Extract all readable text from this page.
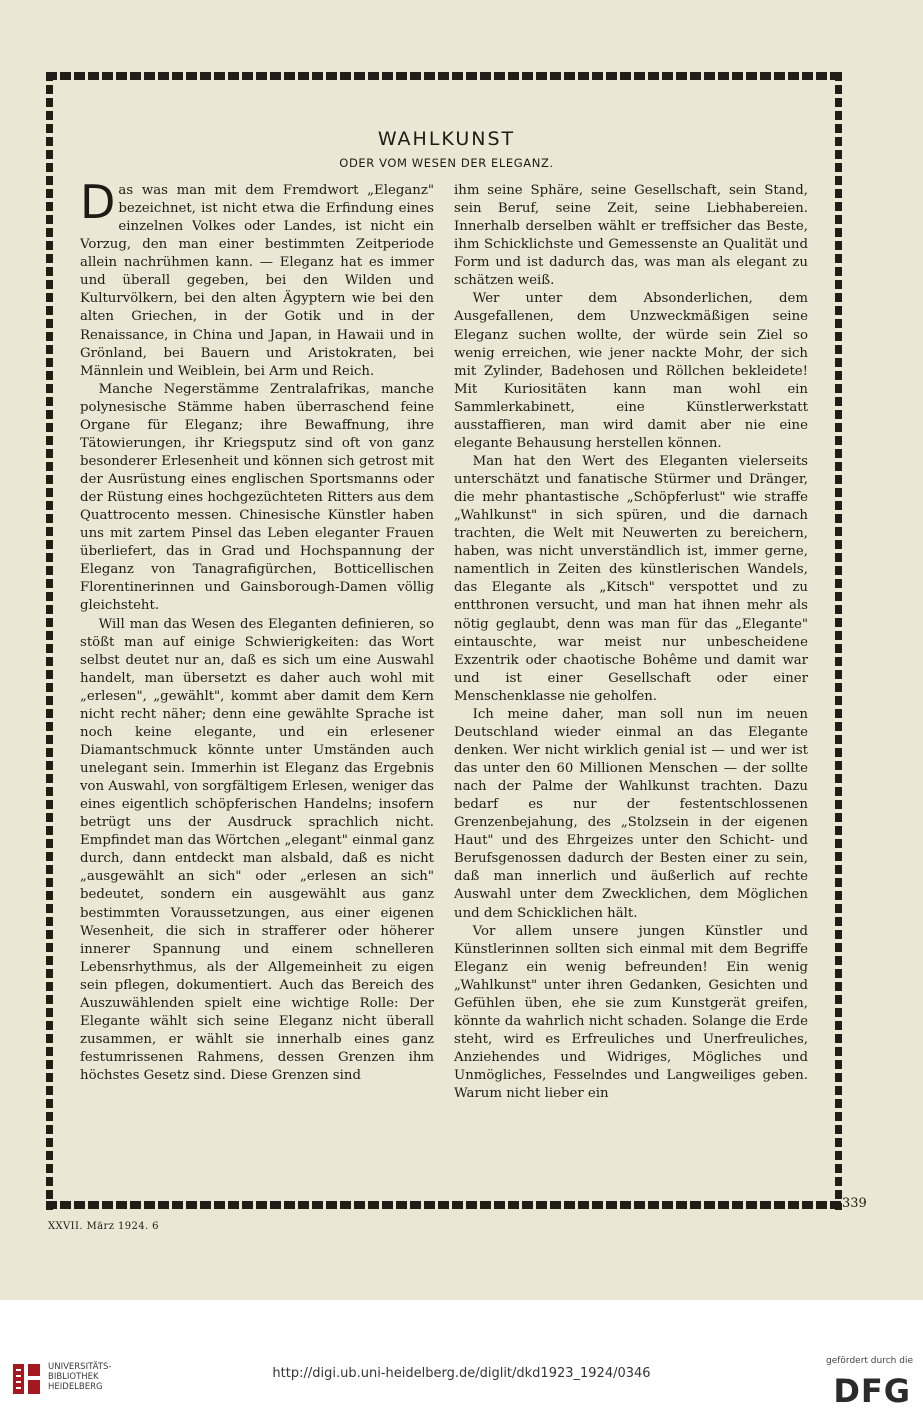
WAHLKUNST
ODER VOM WESEN DER ELEGANZ.

Das was man mit dem Fremdwort „Eleganz" bezeichnet, ist nicht etwa die Erfindung eines einzelnen Volkes oder Landes, ist nicht ein Vorzug, den man einer bestimmten Zeitperiode allein nachrühmen kann. — Eleganz hat es immer und überall gegeben, bei den Wilden und Kulturvölkern, bei den alten Ägyptern wie bei den alten Griechen, in der Gotik und in der Renaissance, in China und Japan, in Hawaii und in Grönland, bei Bauern und Aristokraten, bei Männlein und Weiblein, bei Arm und Reich.

Manche Negerstämme Zentralafrikas, manche polynesische Stämme haben überraschend feine Organe für Eleganz; ihre Bewaffnung, ihre Tätowierungen, ihr Kriegsputz sind oft von ganz besonderer Erlesenheit und können sich getrost mit der Ausrüstung eines englischen Sportsmanns oder der Rüstung eines hochgezüchteten Ritters aus dem Quattrocento messen. Chinesische Künstler haben uns mit zartem Pinsel das Leben eleganter Frauen überliefert, das in Grad und Hochspannung der Eleganz von Tanagrafigürchen, Botticellischen Florentinerinnen und Gainsborough-Damen völlig gleichsteht.

Will man das Wesen des Eleganten definieren, so stößt man auf einige Schwierigkeiten: das Wort selbst deutet nur an, daß es sich um eine Auswahl handelt, man übersetzt es daher auch wohl mit „erlesen", „gewählt", kommt aber damit dem Kern nicht recht näher; denn eine gewählte Sprache ist noch keine elegante, und ein erlesener Diamantschmuck könnte unter Umständen auch unelegant sein. Immerhin ist Eleganz das Ergebnis von Auswahl, von sorgfältigem Erlesen, weniger das eines eigentlich schöpferischen Handelns; insofern betrügt uns der Ausdruck sprachlich nicht. Empfindet man das Wörtchen „elegant" einmal ganz durch, dann entdeckt man alsbald, daß es nicht „ausgewählt an sich" oder „erlesen an sich" bedeutet, sondern ein ausgewählt aus ganz bestimmten Voraussetzungen, aus einer eigenen Wesenheit, die sich in strafferer oder höherer innerer Spannung und einem schnelleren Lebensrhythmus, als der Allgemeinheit zu eigen sein pflegen, dokumentiert. Auch das Bereich des Auszuwählenden spielt eine wichtige Rolle: Der Elegante wählt sich seine Eleganz nicht überall zusammen, er wählt sie innerhalb eines ganz festumrissenen Rahmens, dessen Grenzen ihm höchstes Gesetz sind. Diese Grenzen sind

ihm seine Sphäre, seine Gesellschaft, sein Stand, sein Beruf, seine Zeit, seine Liebhabereien. Innerhalb derselben wählt er treffsicher das Beste, ihm Schicklichste und Gemessenste an Qualität und Form und ist dadurch das, was man als elegant zu schätzen weiß.

Wer unter dem Absonderlichen, dem Ausgefallenen, dem Unzweckmäßigen seine Eleganz suchen wollte, der würde sein Ziel so wenig erreichen, wie jener nackte Mohr, der sich mit Zylinder, Badehosen und Röllchen bekleidete! Mit Kuriositäten kann man wohl ein Sammlerkabinett, eine Künstlerwerkstatt ausstaffieren, man wird damit aber nie eine elegante Behausung herstellen können.

Man hat den Wert des Eleganten vielerseits unterschätzt und fanatische Stürmer und Dränger, die mehr phantastische „Schöpferlust" wie straffe „Wahlkunst" in sich spüren, und die darnach trachten, die Welt mit Neuwerten zu bereichern, haben, was nicht unverständlich ist, immer gerne, namentlich in Zeiten des künstlerischen Wandels, das Elegante als „Kitsch" verspottet und zu entthronen versucht, und man hat ihnen mehr als nötig geglaubt, denn was man für das „Elegante" eintauschte, war meist nur unbescheidene Exzentrik oder chaotische Bohême und damit war und ist einer Gesellschaft oder einer Menschenklasse nie geholfen.

Ich meine daher, man soll nun im neuen Deutschland wieder einmal an das Elegante denken. Wer nicht wirklich genial ist — und wer ist das unter den 60 Millionen Menschen — der sollte nach der Palme der Wahlkunst trachten. Dazu bedarf es nur der festentschlossenen Grenzenbejahung, des „Stolzsein in der eigenen Haut" und des Ehrgeizes unter den Schicht- und Berufsgenossen dadurch der Besten einer zu sein, daß man innerlich und äußerlich auf rechte Auswahl unter dem Zwecklichen, dem Möglichen und dem Schicklichen hält.

Vor allem unsere jungen Künstler und Künstlerinnen sollten sich einmal mit dem Begriffe Eleganz ein wenig befreunden! Ein wenig „Wahlkunst" unter ihren Gedanken, Gesichten und Gefühlen üben, ehe sie zum Kunstgerät greifen, könnte da wahrlich nicht schaden. Solange die Erde steht, wird es Erfreuliches und Unerfreuliches, Anziehendes und Widriges, Mögliches und Unmögliches, Fesselndes und Langweiliges geben. Warum nicht lieber ein

339
XXVII. März 1924. 6
UNIVERSITÄTS-
BIBLIOTHEK
HEIDELBERG
http://digi.ub.uni-heidelberg.de/diglit/dkd1923_1924/0346
gefördert durch die
DFG
